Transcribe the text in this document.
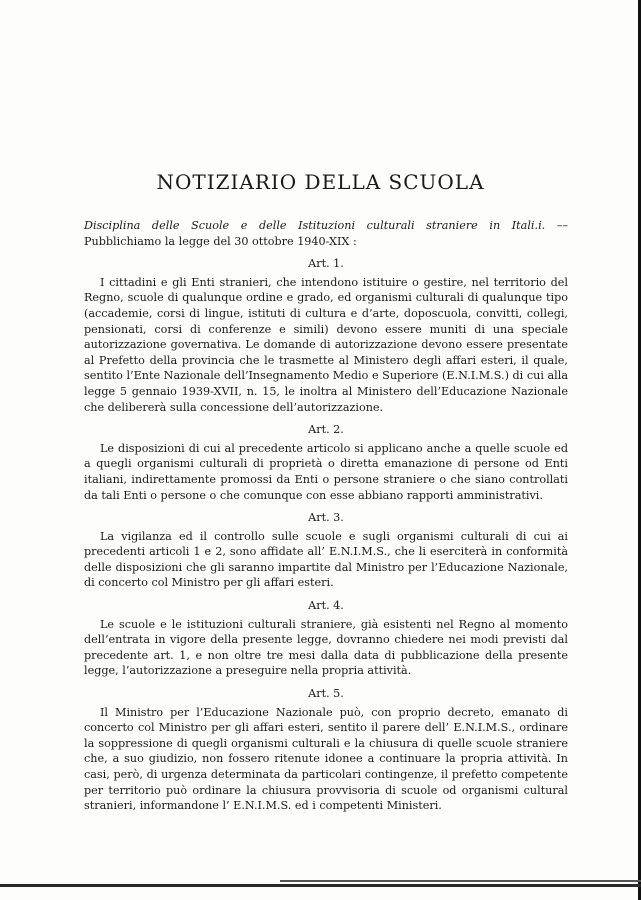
NOTIZIARIO DELLA SCUOLA

Disciplina delle Scuole e delle Istituzioni culturali straniere in Itali.i. –– Pubblichiamo la legge del 30 ottobre 1940-XIX :

Art. 1.

I cittadini e gli Enti stranieri, che intendono istituire o gestire, nel territorio del Regno, scuole di qualunque ordine e grado, ed organismi culturali di qualunque tipo (accademie, corsi di lingue, istituti di cultura e d’arte, doposcuola, convitti, collegi, pensionati, corsi di conferenze e simili) devono essere muniti di una speciale autorizzazione governativa. Le domande di autorizzazione devono essere presentate al Prefetto della provincia che le trasmette al Ministero degli affari esteri, il quale, sentito l’Ente Nazionale dell’Insegnamento Medio e Superiore (E.N.I.M.S.) di cui alla legge 5 gennaio 1939-XVII, n. 15, le inoltra al Ministero dell’Educazione Nazionale che delibererà sulla concessione dell’autorizzazione.

Art. 2.

Le disposizioni di cui al precedente articolo si applicano anche a quelle scuole ed a quegli organismi culturali di proprietà o diretta emanazione di persone od Enti italiani, indirettamente promossi da Enti o persone straniere o che siano controllati da tali Enti o persone o che comunque con esse abbiano rapporti amministrativi.

Art. 3.

La vigilanza ed il controllo sulle scuole e sugli organismi culturali di cui ai precedenti articoli 1 e 2, sono affidate all’ E.N.I.M.S., che li eserciterà in conformità delle disposizioni che gli saranno impartite dal Ministro per l’Educazione Nazionale, di concerto col Ministro per gli affari esteri.

Art. 4.

Le scuole e le istituzioni culturali straniere, già esistenti nel Regno al momento dell’entrata in vigore della presente legge, dovranno chiedere nei modi previsti dal precedente art. 1, e non oltre tre mesi dalla data di pubblicazione della presente legge, l’autorizzazione a preseguire nella propria attività.

Art. 5.

Il Ministro per l’Educazione Nazionale può, con proprio decreto, emanato di concerto col Ministro per gli affari esteri, sentito il parere dell’ E.N.I.M.S., ordinare la soppressione di quegli organismi culturali e la chiusura di quelle scuole straniere che, a suo giudizio, non fossero ritenute idonee a continuare la propria attività. In casi, però, di urgenza determinata da particolari contingenze, il prefetto competente per territorio può ordinare la chiusura provvisoria di scuole od organismi cultural stranieri, informandone l’ E.N.I.M.S. ed i competenti Ministeri.
